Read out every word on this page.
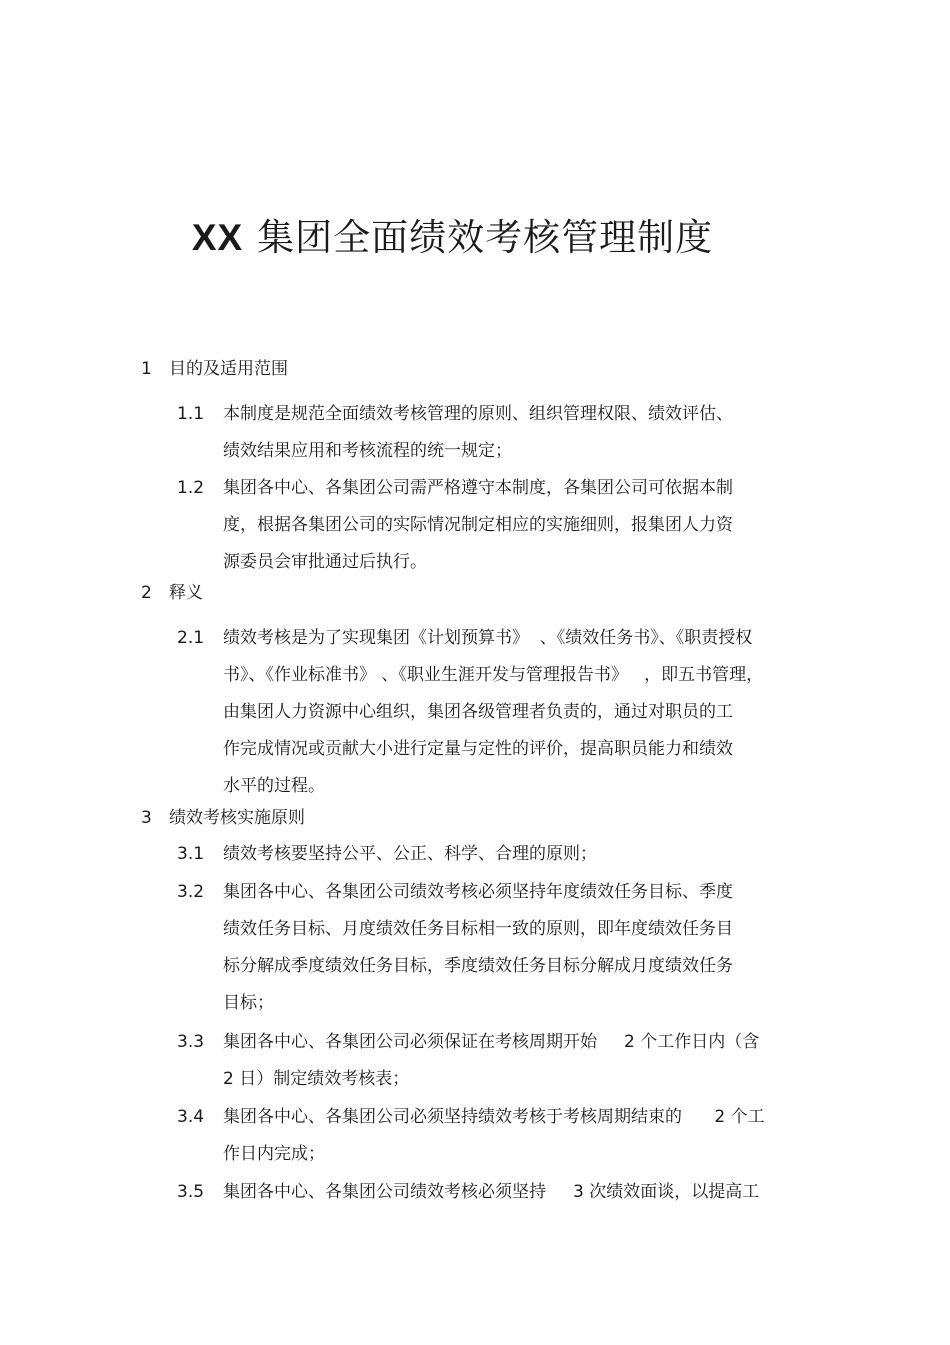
XX 集团全面绩效考核管理制度
1 目的及适用范围
1.1	本制度是规范全面绩效考核管理的原则、组织管理权限、绩效评估、
绩效结果应用和考核流程的统一规定；
1.2	集团各中心、各集团公司需严格遵守本制度，各集团公司可依据本制
度，根据各集团公司的实际情况制定相应的实施细则，报集团人力资
源委员会审批通过后执行。
2 释义
2.1	绩效考核是为了实现集团《计划预算书》  、《绩效任务书》、《职责授权
书》、《作业标准书》 、《职业生涯开发与管理报告书》   ，即五书管理，
由集团人力资源中心组织，集团各级管理者负责的，通过对职员的工
作完成情况或贡献大小进行定量与定性的评价，提高职员能力和绩效
水平的过程。
3 绩效考核实施原则
3.1	绩效考核要坚持公平、公正、科学、合理的原则；
3.2	集团各中心、各集团公司绩效考核必须坚持年度绩效任务目标、季度
绩效任务目标、月度绩效任务目标相一致的原则，即年度绩效任务目
标分解成季度绩效任务目标，季度绩效任务目标分解成月度绩效任务
目标；
3.3	集团各中心、各集团公司必须保证在考核周期开始     2 个工作日内（含
2 日）制定绩效考核表；
3.4	集团各中心、各集团公司必须坚持绩效考核于考核周期结束的      2 个工
作日内完成；
3.5	集团各中心、各集团公司绩效考核必须坚持     3 次绩效面谈，以提高工
